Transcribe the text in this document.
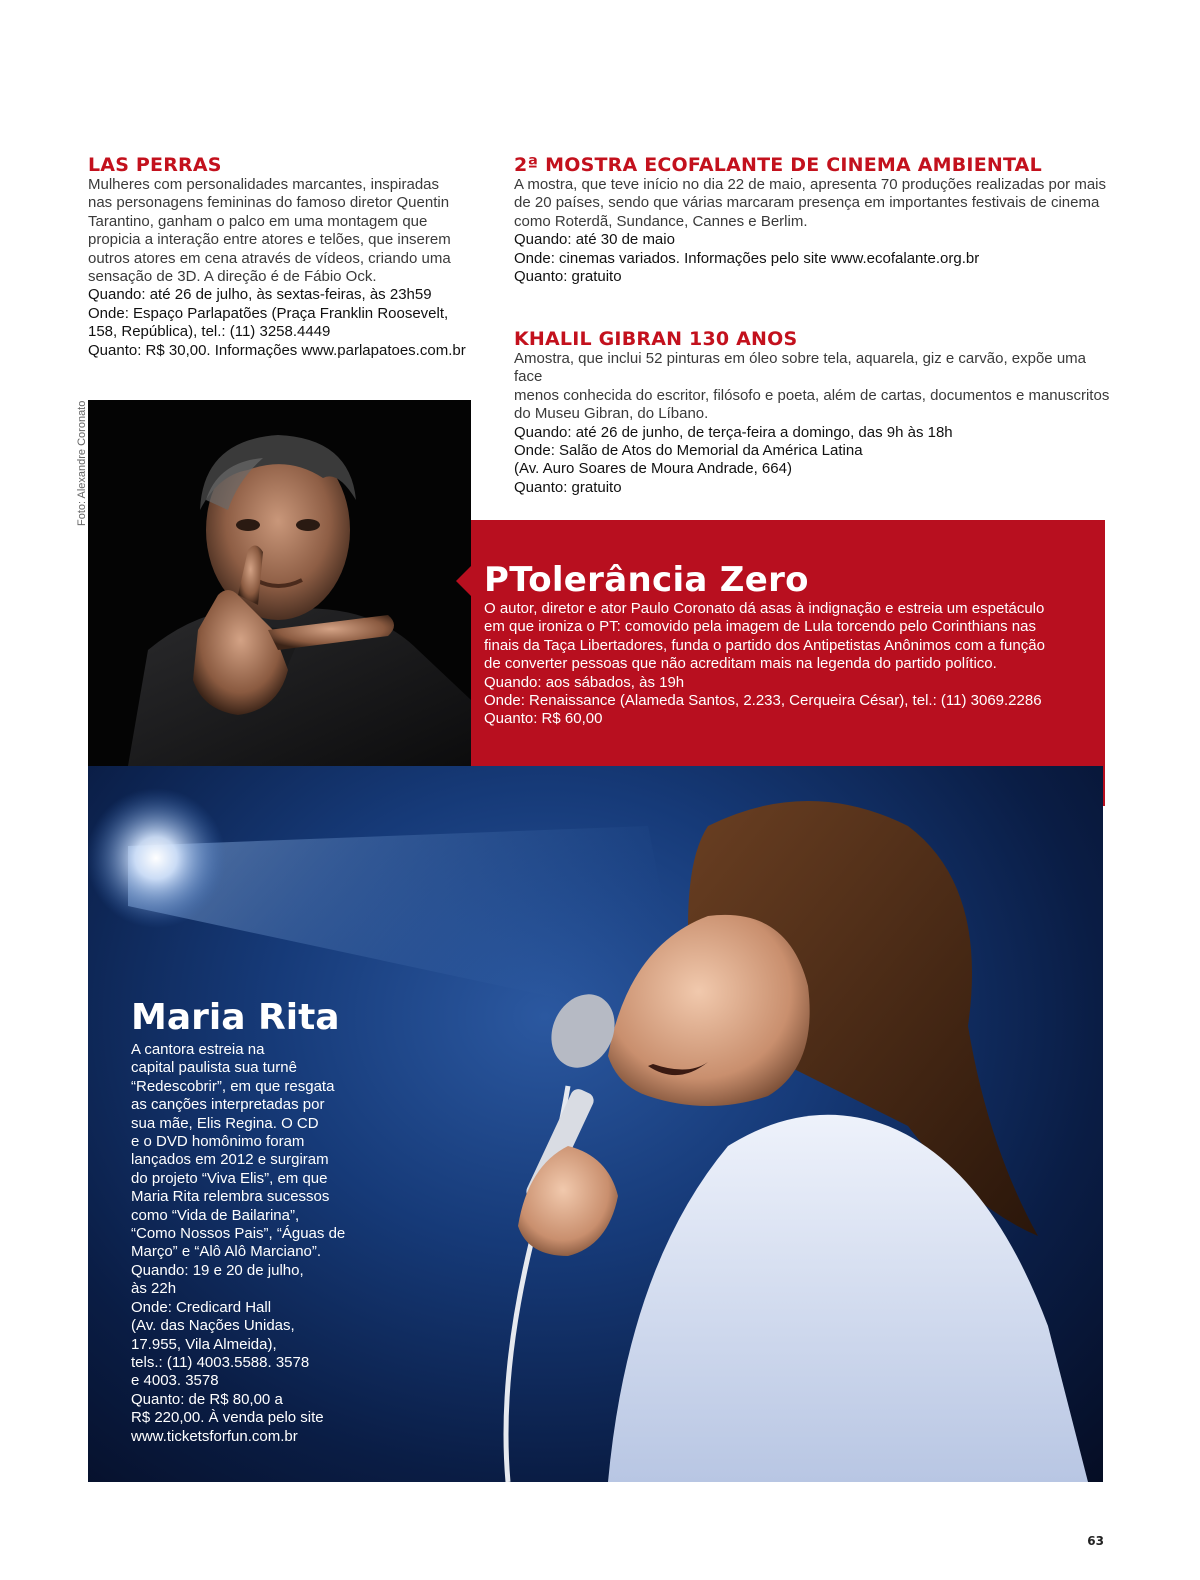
LAS PERRAS

Mulheres com personalidades marcantes, inspiradas
nas personagens femininas do famoso diretor Quentin
Tarantino, ganham o palco em uma montagem que
propicia a interação entre atores e telões, que inserem
outros atores em cena através de vídeos, criando uma
sensação de 3D. A direção é de Fábio Ock.

Quando: até 26 de julho, às sextas-feiras, às 23h59
Onde: Espaço Parlapatões (Praça Franklin Roosevelt,
158, República), tel.: (11) 3258.4449
Quanto: R$ 30,00. Informações www.parlapatoes.com.br

2ª MOSTRA ECOFALANTE DE CINEMA AMBIENTAL

A mostra, que teve início no dia 22 de maio, apresenta 70 produções realizadas por mais
de 20 países, sendo que várias marcaram presença em importantes festivais de cinema
como Roterdã, Sundance, Cannes e Berlim.

Quando: até 30 de maio
Onde: cinemas variados. Informações pelo site www.ecofalante.org.br
Quanto: gratuito

KHALIL GIBRAN 130 ANOS

Amostra, que inclui 52 pinturas em óleo sobre tela, aquarela, giz e carvão, expõe uma face
menos conhecida do escritor, filósofo e poeta, além de cartas, documentos e manuscritos
do Museu Gibran, do Líbano.

Quando: até 26 de junho, de terça-feira a domingo, das 9h às 18h
Onde: Salão de Atos do Memorial da América Latina
(Av. Auro Soares de Moura Andrade, 664)
Quanto: gratuito

Foto: Alexandre Coronato
PTolerância Zero

O autor, diretor e ator Paulo Coronato dá asas à indignação e estreia um espetáculo
em que ironiza o PT: comovido pela imagem de Lula torcendo pelo Corinthians nas
finais da Taça Libertadores, funda o partido dos Antipetistas Anônimos com a função
de converter pessoas que não acreditam mais na legenda do partido político.
Quando: aos sábados, às 19h
Onde: Renaissance (Alameda Santos, 2.233, Cerqueira César), tel.: (11) 3069.2286
Quanto: R$ 60,00

Maria Rita

A cantora estreia na
capital paulista sua turnê
“Redescobrir”, em que resgata
as canções interpretadas por
sua mãe, Elis Regina. O CD
e o DVD homônimo foram
lançados em 2012 e surgiram
do projeto “Viva Elis”, em que
Maria Rita relembra sucessos
como “Vida de Bailarina”,
“Como Nossos Pais”, “Águas de
Março” e “Alô Alô Marciano”.
Quando: 19 e 20 de julho,
às 22h
Onde: Credicard Hall
(Av. das Nações Unidas,
17.955, Vila Almeida),
tels.: (11) 4003.5588. 3578
e 4003. 3578
Quanto: de R$ 80,00 a
R$ 220,00. À venda pelo site
www.ticketsforfun.com.br

63
